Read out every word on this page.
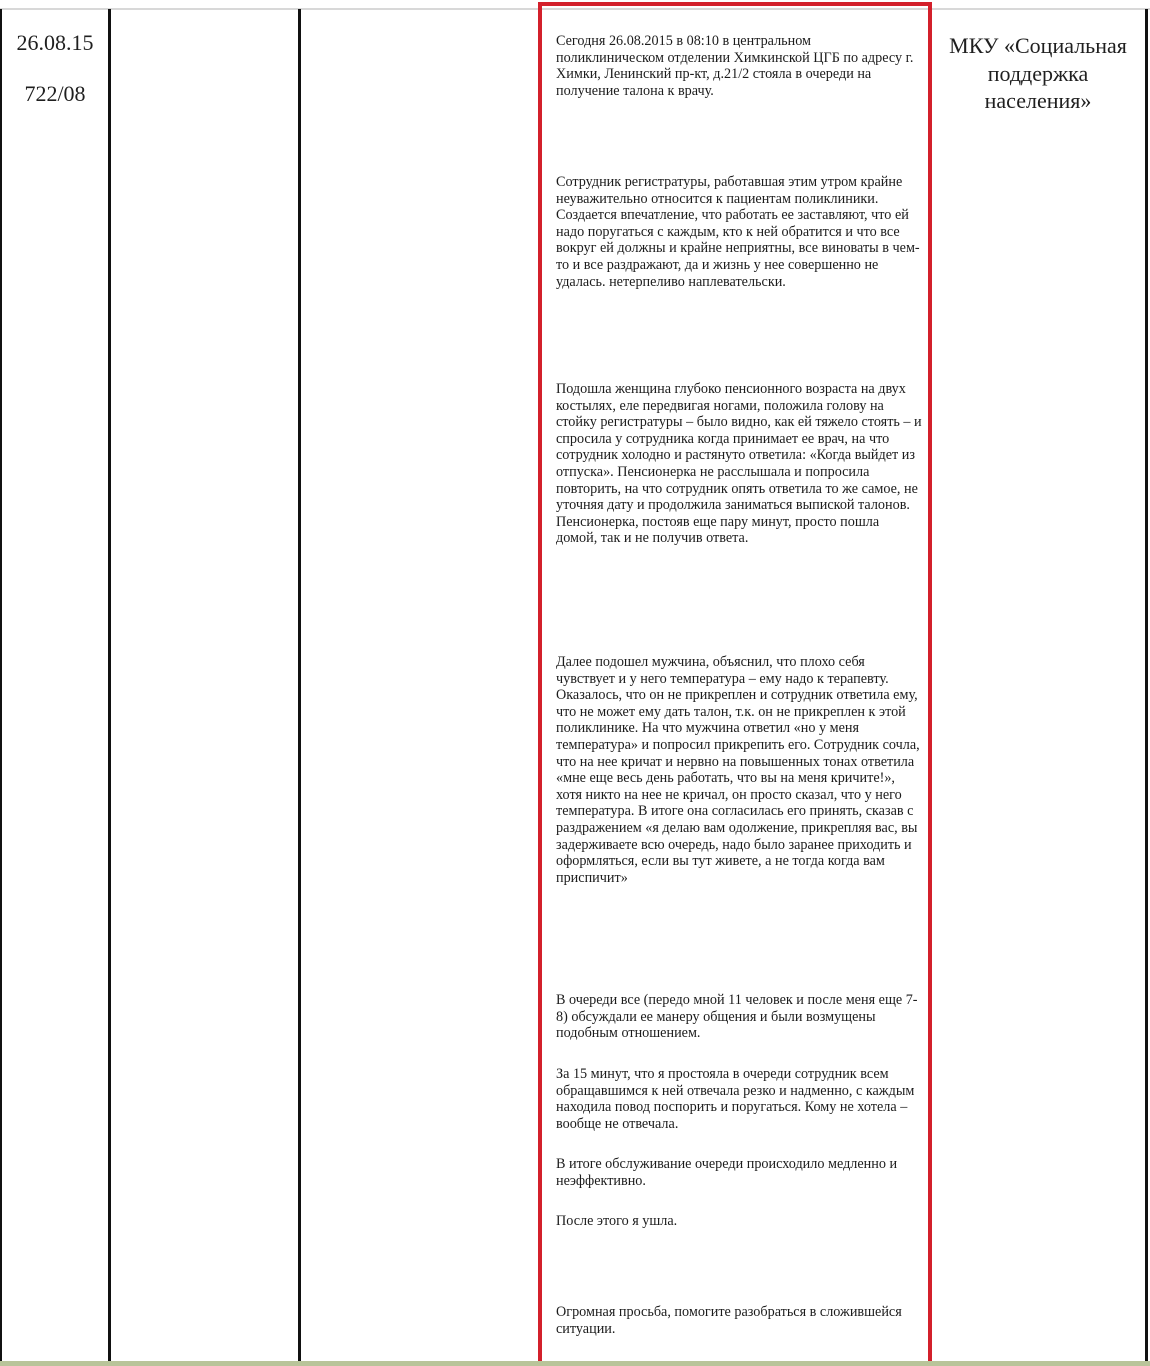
26.08.15
722/08
Сегодня 26.08.2015 в 08:10 в центральном поликлиническом отделении Химкинской ЦГБ по адресу г. Химки, Ленинский пр-кт, д.21/2 стояла в очереди на получение талона к врачу.
Сотрудник регистратуры, работавшая этим утром крайне неуважительно относится к пациентам поликлиники. Создается впечатление, что работать ее заставляют, что ей надо поругаться с каждым, кто к ней обратится и что все вокруг ей должны и крайне неприятны, все виноваты в чем-то и все раздражают, да и жизнь у нее совершенно не удалась. нетерпеливо наплевательски.
Подошла женщина глубоко пенсионного возраста на двух костылях, еле передвигая ногами, положила голову на стойку регистратуры – было видно, как ей тяжело стоять – и спросила у сотрудника когда принимает ее врач, на что сотрудник холодно и растянуто ответила: «Когда выйдет из отпуска». Пенсионерка не расслышала и попросила повторить, на что сотрудник опять ответила то же самое, не уточняя дату и продолжила заниматься выпиской талонов. Пенсионерка, постояв еще пару минут, просто пошла домой, так и не получив ответа.
Далее подошел мужчина, объяснил, что плохо себя чувствует и у него температура – ему надо к терапевту. Оказалось, что он не прикреплен и сотрудник ответила ему, что не может ему дать талон, т.к. он не прикреплен к этой поликлинике. На что мужчина ответил «но у меня температура» и попросил прикрепить его. Сотрудник сочла, что на нее кричат и нервно на повышенных тонах ответила «мне еще весь день работать, что вы на меня кричите!», хотя никто на нее не кричал, он просто сказал, что у него температура. В итоге она согласилась его принять, сказав с раздражением «я делаю вам одолжение, прикрепляя вас, вы задерживаете всю очередь, надо было заранее приходить и оформляться, если вы тут живете, а не тогда когда вам приспичит»
В очереди все (передо мной 11 человек и после меня еще 7-8) обсуждали ее манеру общения и были возмущены подобным отношением.
За 15 минут, что я простояла в очереди сотрудник всем обращавшимся к ней отвечала резко и надменно, с каждым находила повод поспорить и поругаться. Кому не хотела – вообще не отвечала.
В итоге обслуживание очереди происходило медленно и неэффективно.
После этого я ушла.
Огромная просьба, помогите разобраться в сложившейся ситуации.
МКУ «Социальная поддержка населения»
